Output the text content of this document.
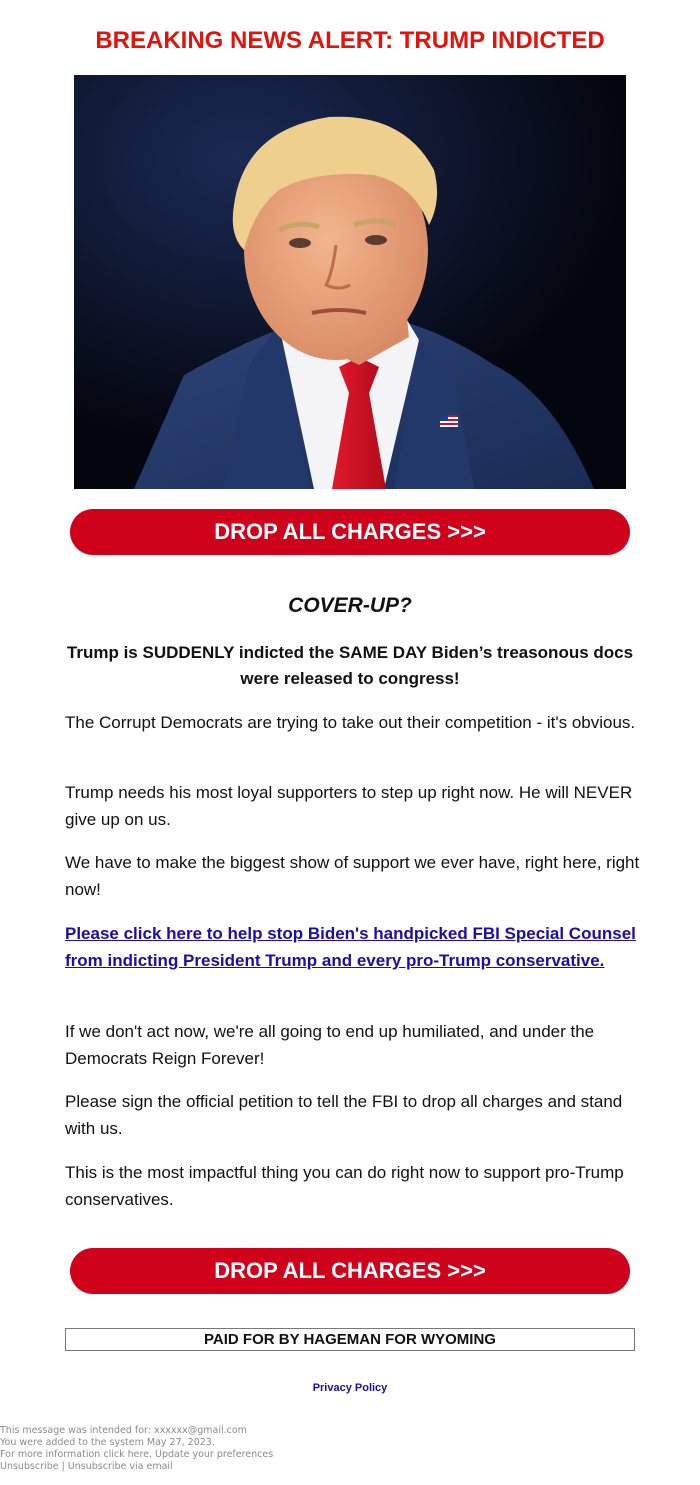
BREAKING NEWS ALERT: TRUMP INDICTED
DROP ALL CHARGES >>>
COVER-UP?

Trump is SUDDENLY indicted the SAME DAY Biden’s treasonous docs were released to congress!

The Corrupt Democrats are trying to take out their competition - it's obvious.

Trump needs his most loyal supporters to step up right now. He will NEVER give up on us.

We have to make the biggest show of support we ever have, right here, right now!

Please click here to help stop Biden's handpicked FBI Special Counsel from indicting President Trump and every pro-Trump conservative.

If we don't act now, we're all going to end up humiliated, and under the Democrats Reign Forever!

Please sign the official petition to tell the FBI to drop all charges and stand with us.

This is the most impactful thing you can do right now to support pro-Trump conservatives.

DROP ALL CHARGES >>>
PAID FOR BY HAGEMAN FOR WYOMING
Privacy Policy
This message was intended for: xxxxxx@gmail.com
You were added to the system May 27, 2023.
For more information click here. Update your preferences
Unsubscribe | Unsubscribe via email
